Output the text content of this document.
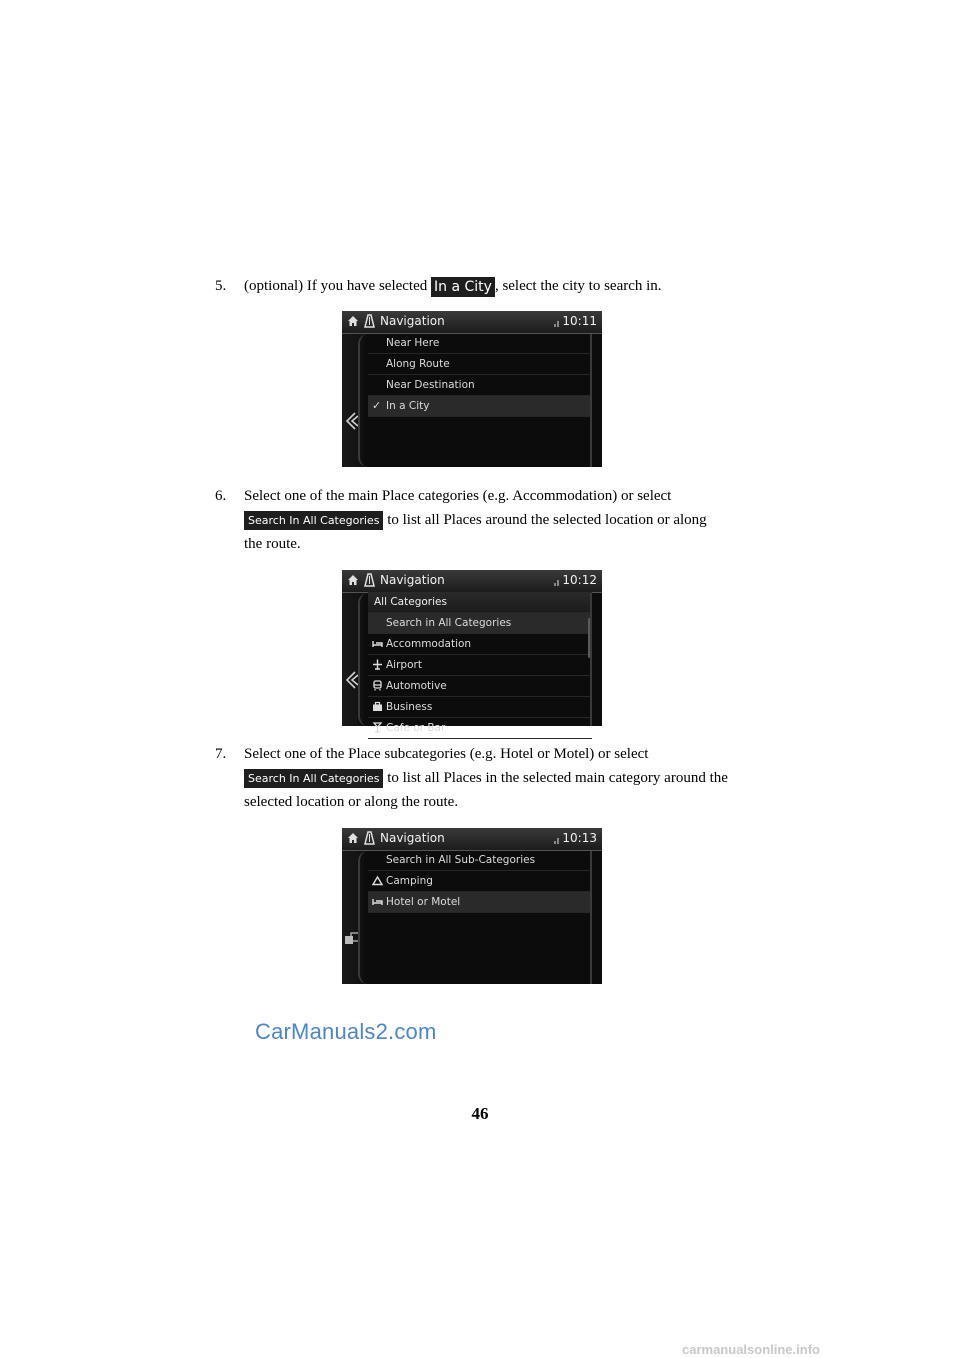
5. (optional) If you have selected In a City , select the city to search in.
Navigation	10:11
Near Here
Along Route
Near Destination
✓ In a City
6. Select one of the main Place categories (e.g. Accommodation) or select
Search In All Categories to list all Places around the selected location or along
the route.
Navigation	10:12
All Categories
Search in All Categories
Accommodation
Airport
Automotive
Business
Cafe or Bar
7. Select one of the Place subcategories (e.g. Hotel or Motel) or select
Search In All Categories to list all Places in the selected main category around the
selected location or along the route.
Navigation	10:13
Search in All Sub-Categories
Camping
Hotel or Motel
CarManuals2.com
46
carmanualsonline.info
